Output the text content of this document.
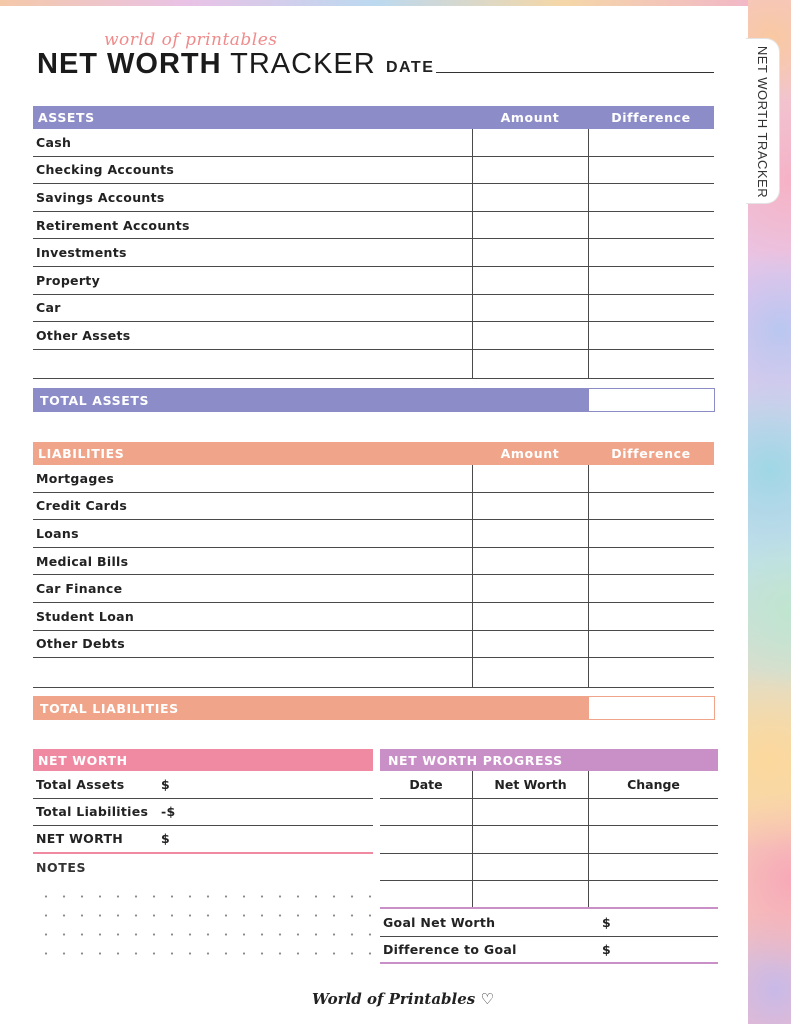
world of printables
NET WORTH TRACKER DATE
ASSETS	Amount	Difference
Cash
Checking Accounts
Savings Accounts
Retirement Accounts
Investments
Property
Car
Other Assets
TOTAL ASSETS
LIABILITIES	Amount	Difference
Mortgages
Credit Cards
Loans
Medical Bills
Car Finance
Student Loan
Other Debts
TOTAL LIABILITIES
NET WORTH
Total Assets	$
Total Liabilities	-$
NET WORTH	$
NOTES
NET WORTH PROGRESS
Date	Net Worth	Change
Goal Net Worth	$
Difference to Goal	$
World of Printables ♡
NET WORTH TRACKER
